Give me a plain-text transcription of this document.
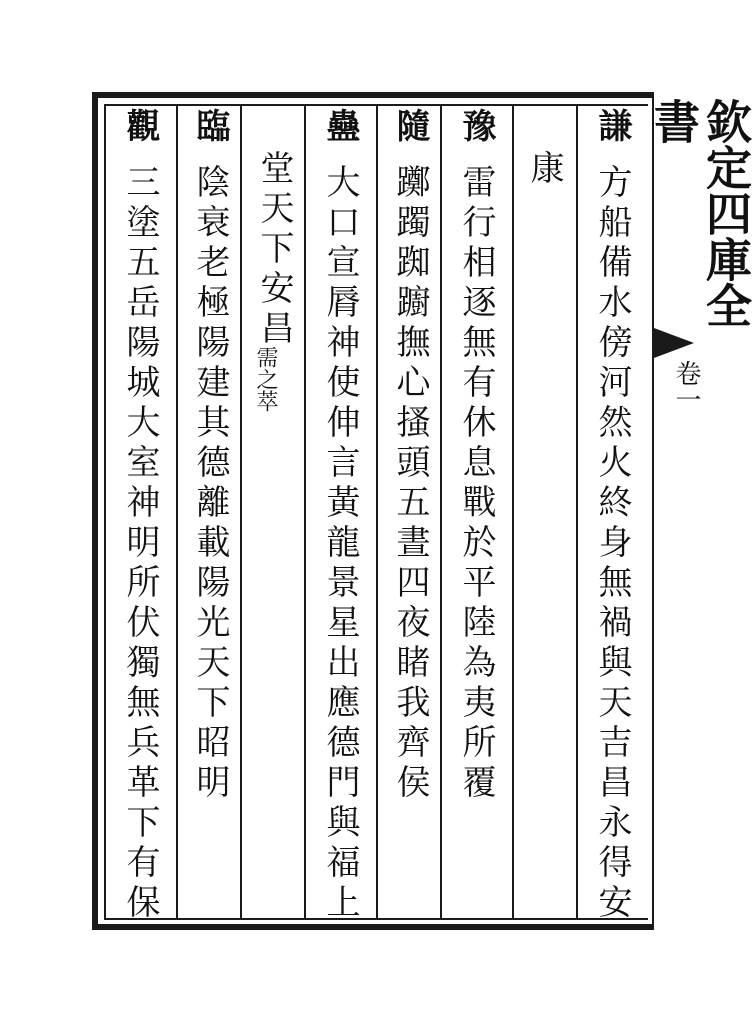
欽定四庫全書
卷一
謙
方船備水傍河然火終身無禍與天吉昌永得安
康
豫
雷行相逐無有休息戰於平陸為夷所覆
隨
躑躅踟躕撫心搔頭五晝四夜睹我齊侯
蠱
大口宣脣神使伸言黃龍景星出應德門與福上
堂天下安昌
需之萃
臨
陰衰老極陽建其德離載陽光天下昭明
觀
三塗五岳陽城大室神明所伏獨無兵革下有保
